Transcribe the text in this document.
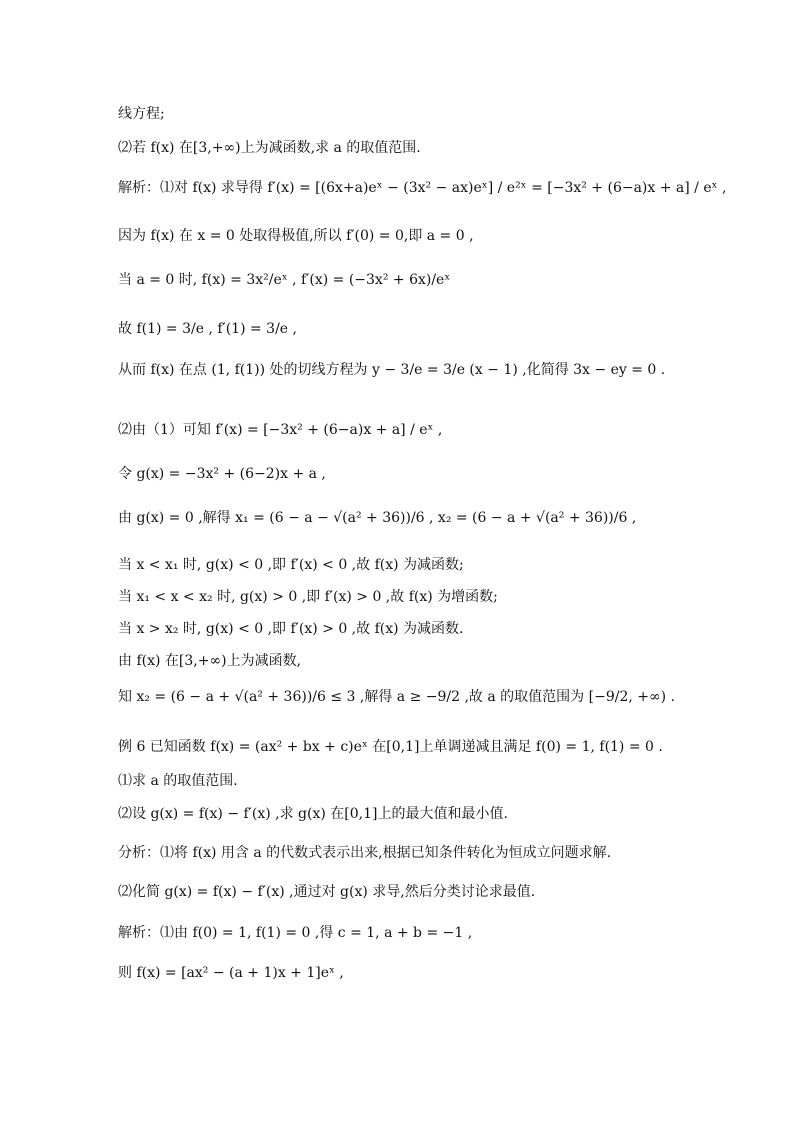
线方程;
⑵若 f(x) 在[3,+∞)上为减函数,求 a 的取值范围.
解析：⑴对 f(x) 求导得 f′(x) = [(6x+a)eˣ − (3x² − ax)eˣ] / e²ˣ = [−3x² + (6−a)x + a] / eˣ ,
因为 f(x) 在 x = 0 处取得极值,所以 f′(0) = 0,即 a = 0 ,
当 a = 0 时, f(x) = 3x²/eˣ , f′(x) = (−3x² + 6x)/eˣ
故 f(1) = 3/e , f′(1) = 3/e ,
从而 f(x) 在点 (1, f(1)) 处的切线方程为 y − 3/e = 3/e (x − 1) ,化简得 3x − ey = 0 .
⑵由（1）可知 f′(x) = [−3x² + (6−a)x + a] / eˣ ,
令 g(x) = −3x² + (6−2)x + a ,
由 g(x) = 0 ,解得 x₁ = (6 − a − √(a² + 36))/6 , x₂ = (6 − a + √(a² + 36))/6 ,
当 x < x₁ 时, g(x) < 0 ,即 f′(x) < 0 ,故 f(x) 为减函数;
当 x₁ < x < x₂ 时, g(x) > 0 ,即 f′(x) > 0 ,故 f(x) 为增函数;
当 x > x₂ 时, g(x) < 0 ,即 f′(x) > 0 ,故 f(x) 为减函数.
由 f(x) 在[3,+∞)上为减函数,
知 x₂ = (6 − a + √(a² + 36))/6 ≤ 3 ,解得 a ≥ −9/2 ,故 a 的取值范围为 [−9/2, +∞) .
例 6 已知函数 f(x) = (ax² + bx + c)eˣ 在[0,1]上单调递减且满足 f(0) = 1, f(1) = 0 .
⑴求 a 的取值范围.
⑵设 g(x) = f(x) − f′(x) ,求 g(x) 在[0,1]上的最大值和最小值.
分析：⑴将 f(x) 用含 a 的代数式表示出来,根据已知条件转化为恒成立问题求解.
⑵化简 g(x) = f(x) − f′(x) ,通过对 g(x) 求导,然后分类讨论求最值.
解析：⑴由 f(0) = 1, f(1) = 0 ,得 c = 1, a + b = −1 ,
则 f(x) = [ax² − (a + 1)x + 1]eˣ ,
